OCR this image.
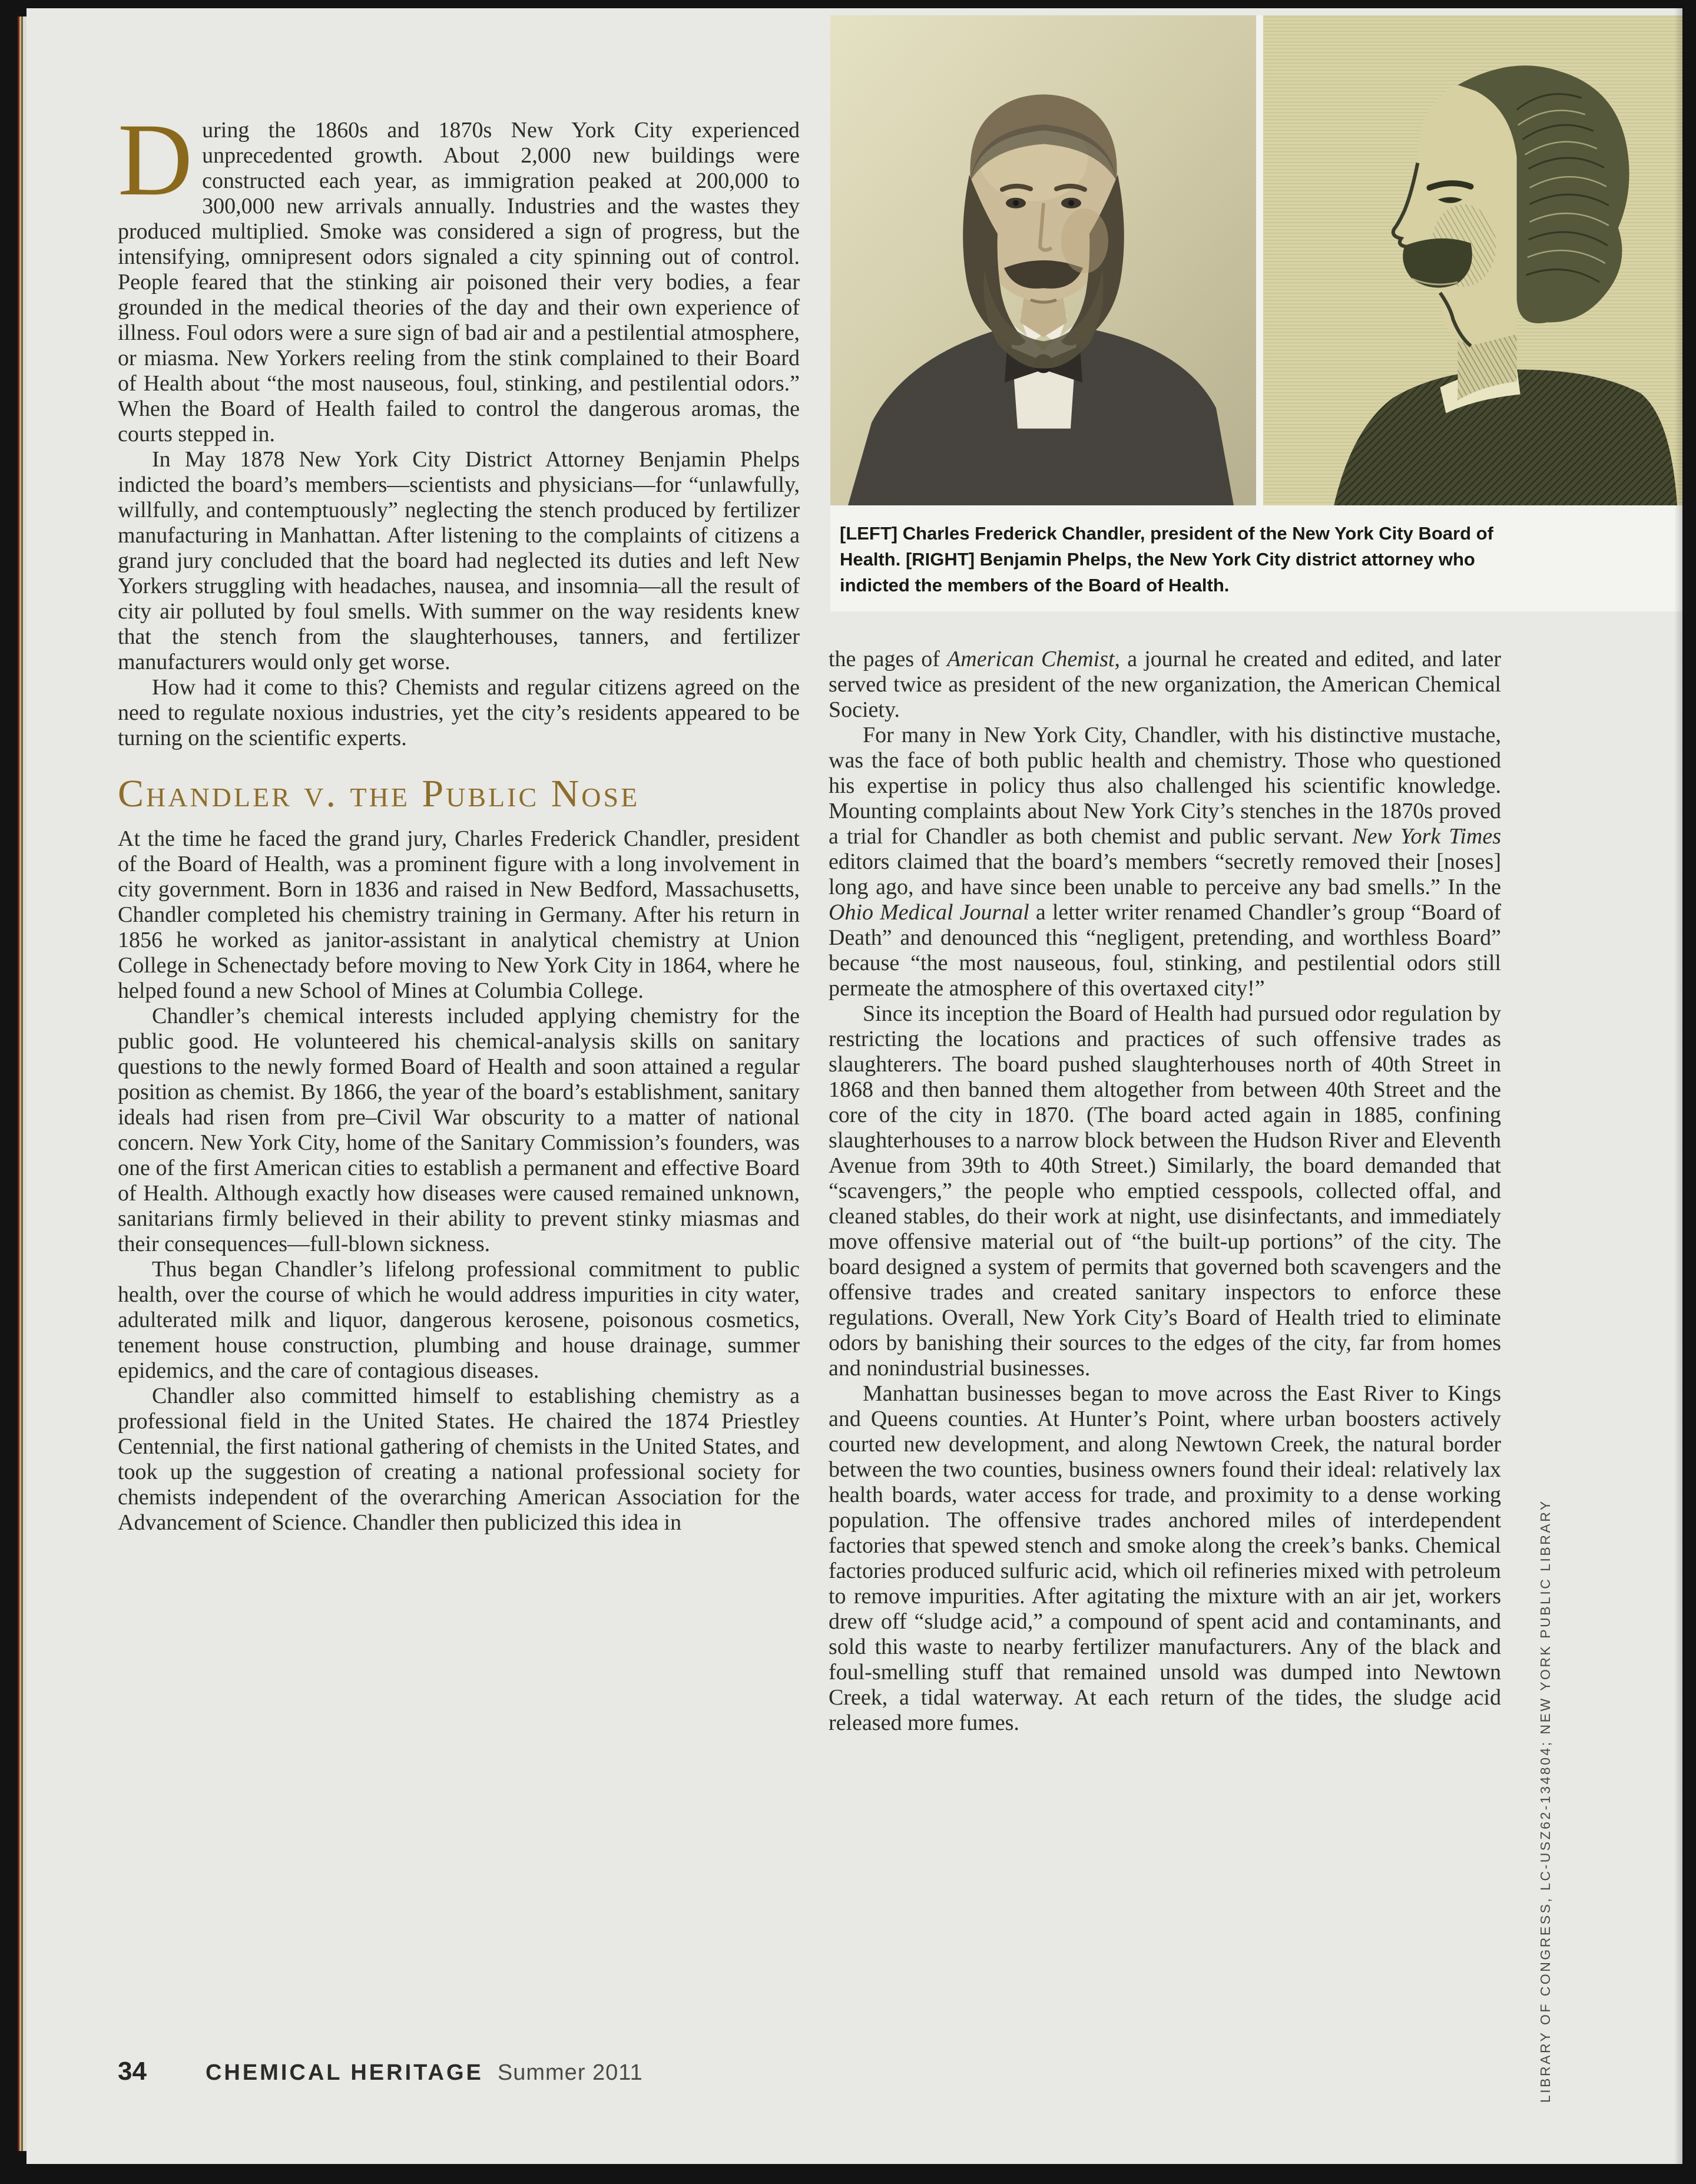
During the 1860s and 1870s New York City experienced unprecedented growth. About 2,000 new buildings were constructed each year, as immigration peaked at 200,000 to 300,000 new arrivals annually. Industries and the wastes they produced multiplied. Smoke was considered a sign of progress, but the intensifying, omnipresent odors signaled a city spinning out of control. People feared that the stinking air poisoned their very bodies, a fear grounded in the medical theories of the day and their own experience of illness. Foul odors were a sure sign of bad air and a pestilential atmosphere, or miasma. New Yorkers reeling from the stink complained to their Board of Health about “the most nauseous, foul, stinking, and pestilential odors.” When the Board of Health failed to control the dangerous aromas, the courts stepped in.

In May 1878 New York City District Attorney Benjamin Phelps indicted the board’s members—scientists and physicians—for “unlawfully, willfully, and contemptuously” neglecting the stench produced by fertilizer manufacturing in Manhattan. After listening to the complaints of citizens a grand jury concluded that the board had neglected its duties and left New Yorkers struggling with headaches, nausea, and insomnia—all the result of city air polluted by foul smells. With summer on the way residents knew that the stench from the slaughterhouses, tanners, and fertilizer manufacturers would only get worse.

How had it come to this? Chemists and regular citizens agreed on the need to regulate noxious industries, yet the city’s residents appeared to be turning on the scientific experts.

Chandler v. the Public Nose

At the time he faced the grand jury, Charles Frederick Chandler, president of the Board of Health, was a prominent figure with a long involvement in city government. Born in 1836 and raised in New Bedford, Massachusetts, Chandler completed his chemistry training in Germany. After his return in 1856 he worked as janitor-assistant in analytical chemistry at Union College in Schenectady before moving to New York City in 1864, where he helped found a new School of Mines at Columbia College.

Chandler’s chemical interests included applying chemistry for the public good. He volunteered his chemical-analysis skills on sanitary questions to the newly formed Board of Health and soon attained a regular position as chemist. By 1866, the year of the board’s establishment, sanitary ideals had risen from pre–Civil War obscurity to a matter of national concern. New York City, home of the Sanitary Commission’s founders, was one of the first American cities to establish a permanent and effective Board of Health. Although exactly how diseases were caused remained unknown, sanitarians firmly believed in their ability to prevent stinky miasmas and their consequences—full-blown sickness.

Thus began Chandler’s lifelong professional commitment to public health, over the course of which he would address impurities in city water, adulterated milk and liquor, dangerous kerosene, poisonous cosmetics, tenement house construction, plumbing and house drainage, summer epidemics, and the care of contagious diseases.

Chandler also committed himself to establishing chemistry as a professional field in the United States. He chaired the 1874 Priestley Centennial, the first national gathering of chemists in the United States, and took up the suggestion of creating a national professional society for chemists independent of the overarching American Association for the Advancement of Science. Chandler then publicized this idea in

[LEFT] Charles Frederick Chandler, president of the New York City Board of Health. [RIGHT] Benjamin Phelps, the New York City district attorney who indicted the members of the Board of Health.

the pages of American Chemist, a journal he created and edited, and later served twice as president of the new organization, the American Chemical Society.

For many in New York City, Chandler, with his distinctive mustache, was the face of both public health and chemistry. Those who questioned his expertise in policy thus also challenged his scientific knowledge. Mounting complaints about New York City’s stenches in the 1870s proved a trial for Chandler as both chemist and public servant. New York Times editors claimed that the board’s members “secretly removed their [noses] long ago, and have since been unable to perceive any bad smells.” In the Ohio Medical Journal a letter writer renamed Chandler’s group “Board of Death” and denounced this “negligent, pretending, and worthless Board” because “the most nauseous, foul, stinking, and pestilential odors still permeate the atmosphere of this overtaxed city!”

Since its inception the Board of Health had pursued odor regulation by restricting the locations and practices of such offensive trades as slaughterers. The board pushed slaughterhouses north of 40th Street in 1868 and then banned them altogether from between 40th Street and the core of the city in 1870. (The board acted again in 1885, confining slaughterhouses to a narrow block between the Hudson River and Eleventh Avenue from 39th to 40th Street.) Similarly, the board demanded that “scavengers,” the people who emptied cesspools, collected offal, and cleaned stables, do their work at night, use disinfectants, and immediately move offensive material out of “the built-up portions” of the city. The board designed a system of permits that governed both scavengers and the offensive trades and created sanitary inspectors to enforce these regulations. Overall, New York City’s Board of Health tried to eliminate odors by banishing their sources to the edges of the city, far from homes and nonindustrial businesses.

Manhattan businesses began to move across the East River to Kings and Queens counties. At Hunter’s Point, where urban boosters actively courted new development, and along Newtown Creek, the natural border between the two counties, business owners found their ideal: relatively lax health boards, water access for trade, and proximity to a dense working population. The offensive trades anchored miles of interdependent factories that spewed stench and smoke along the creek’s banks. Chemical factories produced sulfuric acid, which oil refineries mixed with petroleum to remove impurities. After agitating the mixture with an air jet, workers drew off “sludge acid,” a compound of spent acid and contaminants, and sold this waste to nearby fertilizer manufacturers. Any of the black and foul-smelling stuff that remained unsold was dumped into Newtown Creek, a tidal waterway. At each return of the tides, the sludge acid released more fumes.	LIBRARY OF CONGRESS, LC-USZ62-134804; NEW YORK PUBLIC LIBRARY
34	CHEMICAL HERITAGE Summer 2011
